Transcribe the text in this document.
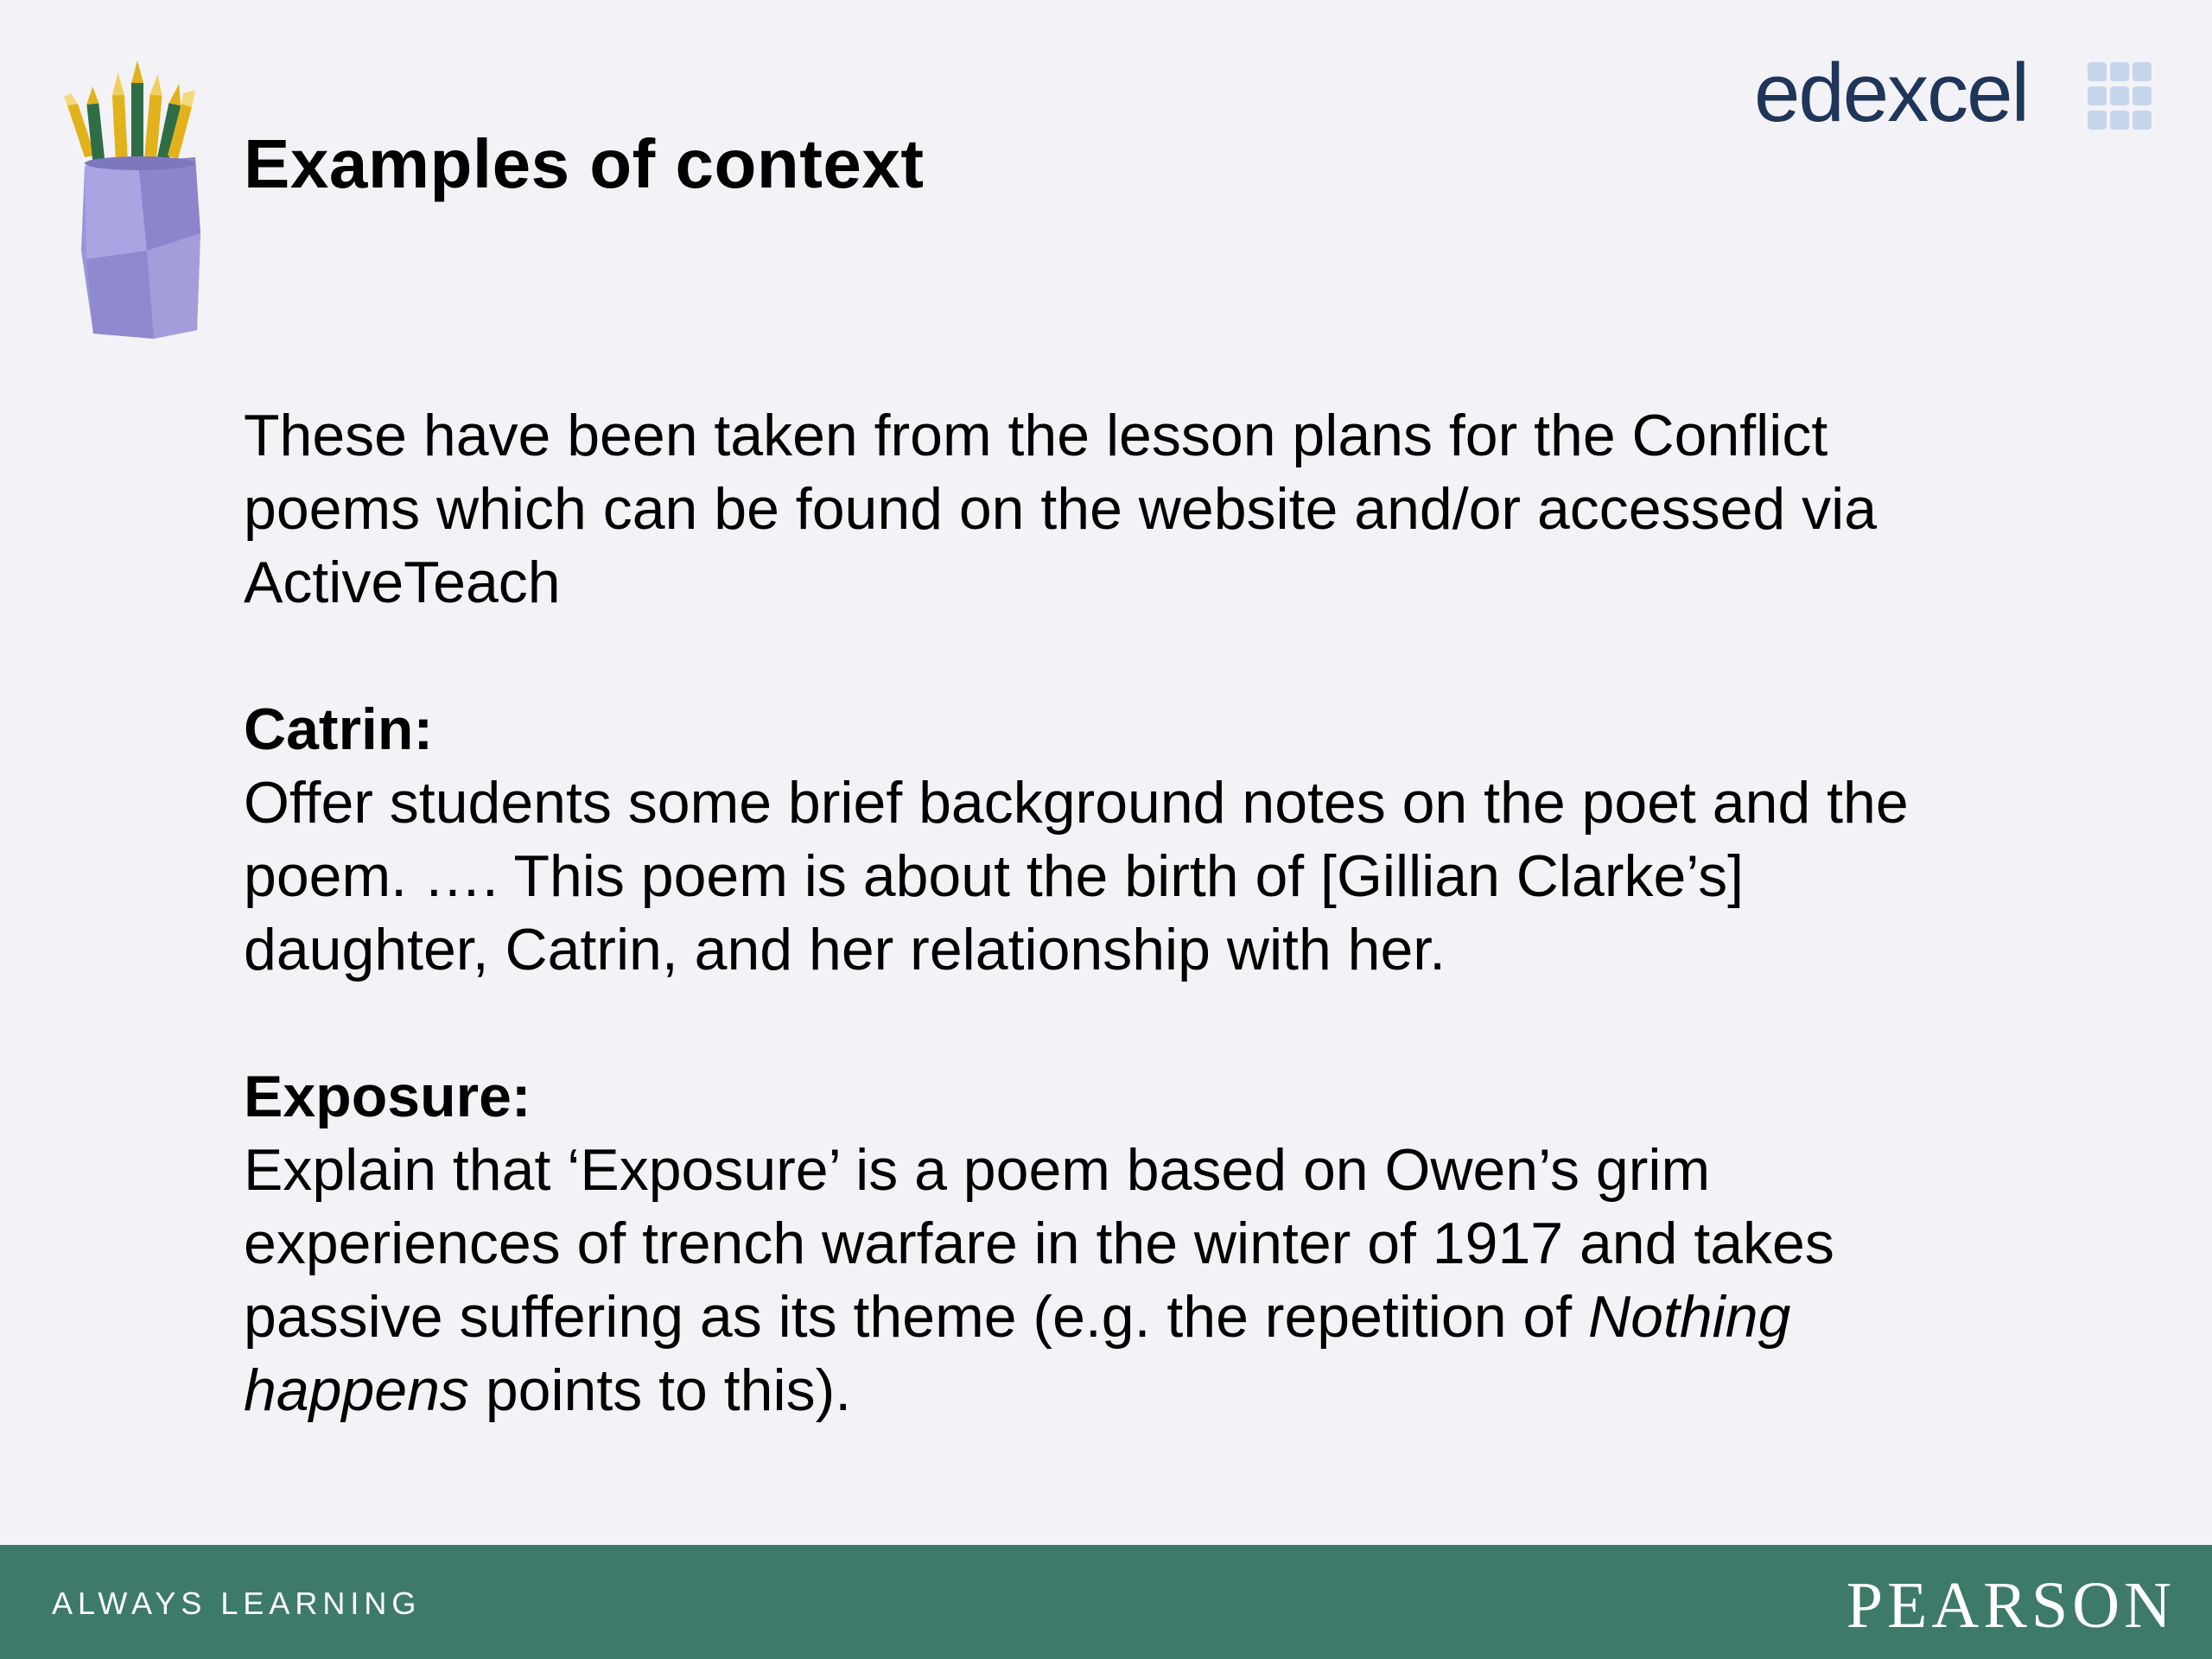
edexcel
Examples of context

These have been taken from the lesson plans for the Conflict

poems which can be found on the website and/or accessed via

ActiveTeach

Catrin:

Offer students some brief background notes on the poet and the

poem. …. This poem is about the birth of [Gillian Clarke’s]

daughter, Catrin, and her relationship with her.

Exposure:

Explain that ‘Exposure’ is a poem based on Owen’s grim

experiences of trench warfare in the winter of 1917 and takes

passive suffering as its theme (e.g. the repetition of Nothing

happens points to this).

ALWAYS LEARNING	PEARSON
